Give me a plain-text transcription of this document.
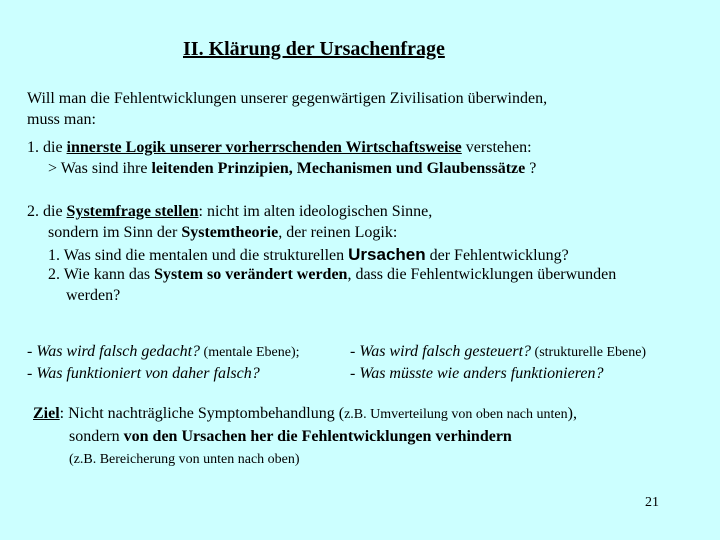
II. Klärung der Ursachenfrage
Will man die Fehlentwicklungen unserer gegenwärtigen Zivilisation überwinden,
muss man:
1. die innerste Logik unserer vorherrschenden Wirtschaftsweise verstehen:
> Was sind ihre leitenden Prinzipien, Mechanismen und Glaubenssätze ?
2. die Systemfrage stellen: nicht im alten ideologischen Sinne,
sondern im Sinn der Systemtheorie, der reinen Logik:
1. Was sind die mentalen und die strukturellen Ursachen der Fehlentwicklung?
2. Wie kann das System so verändert werden, dass die Fehlentwicklungen überwunden
werden?
- Was wird falsch gedacht? (mentale Ebene);
- Was funktioniert von daher falsch?
- Was wird falsch gesteuert? (strukturelle Ebene)
- Was müsste wie anders funktionieren?
Ziel: Nicht nachträgliche Symptombehandlung (z.B. Umverteilung von oben nach unten),
sondern von den Ursachen her die Fehlentwicklungen verhindern
(z.B. Bereicherung von unten nach oben)
21
